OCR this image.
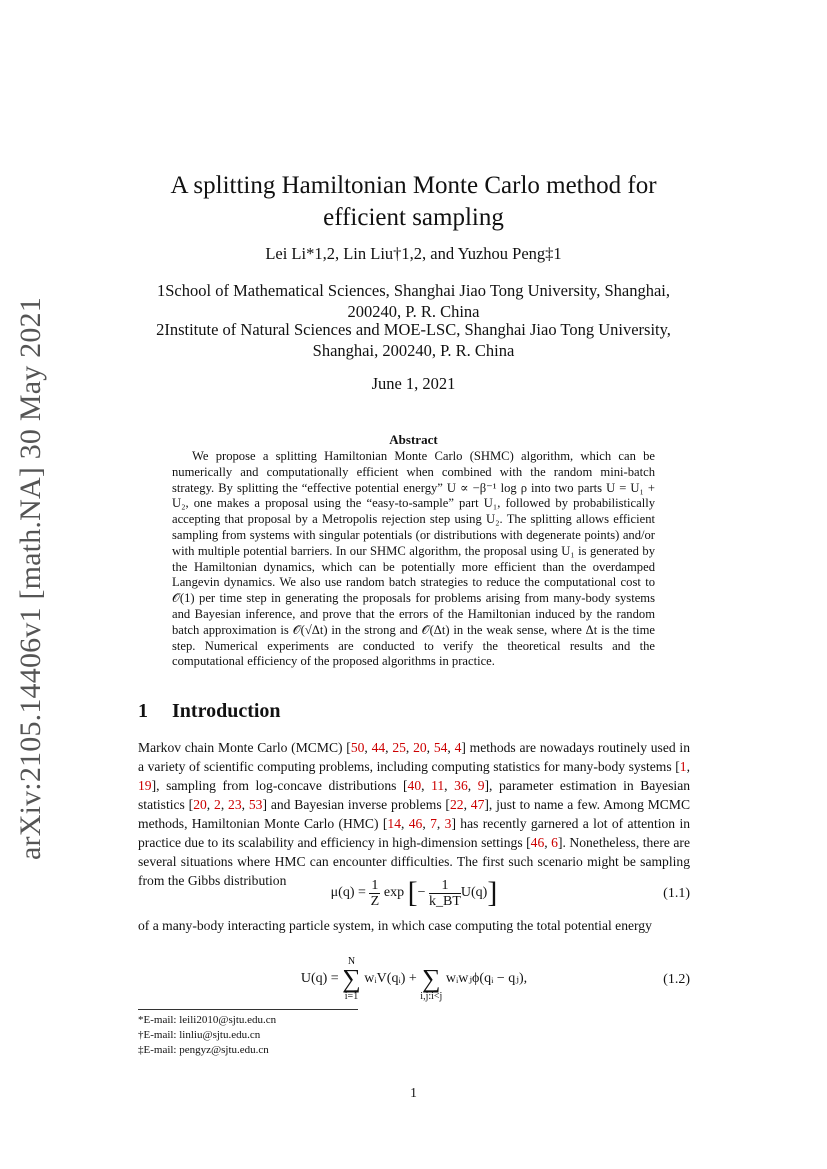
arXiv:2105.14406v1 [math.NA] 30 May 2021
A splitting Hamiltonian Monte Carlo method for efficient sampling
Lei Li*1,2, Lin Liu†1,2, and Yuzhou Peng‡1
1School of Mathematical Sciences, Shanghai Jiao Tong University, Shanghai, 200240, P. R. China
2Institute of Natural Sciences and MOE-LSC, Shanghai Jiao Tong University, Shanghai, 200240, P. R. China
June 1, 2021
Abstract
We propose a splitting Hamiltonian Monte Carlo (SHMC) algorithm, which can be numerically and computationally efficient when combined with the random mini-batch strategy. By splitting the “effective potential energy” U ∝ −β⁻¹ log ρ into two parts U = U₁ + U₂, one makes a proposal using the “easy-to-sample” part U₁, followed by probabilistically accepting that proposal by a Metropolis rejection step using U₂. The splitting allows efficient sampling from systems with singular potentials (or distributions with degenerate points) and/or with multiple potential barriers. In our SHMC algorithm, the proposal using U₁ is generated by the Hamiltonian dynamics, which can be potentially more efficient than the overdamped Langevin dynamics. We also use random batch strategies to reduce the computational cost to 𝒪(1) per time step in generating the proposals for problems arising from many-body systems and Bayesian inference, and prove that the errors of the Hamiltonian induced by the random batch approximation is 𝒪(√Δt) in the strong and 𝒪(Δt) in the weak sense, where Δt is the time step. Numerical experiments are conducted to verify the theoretical results and the computational efficiency of the proposed algorithms in practice.
1 Introduction
Markov chain Monte Carlo (MCMC) [50, 44, 25, 20, 54, 4] methods are nowadays routinely used in a variety of scientific computing problems, including computing statistics for many-body systems [1, 19], sampling from log-concave distributions [40, 11, 36, 9], parameter estimation in Bayesian statistics [20, 2, 23, 53] and Bayesian inverse problems [22, 47], just to name a few. Among MCMC methods, Hamiltonian Monte Carlo (HMC) [14, 46, 7, 3] has recently garnered a lot of attention in practice due to its scalability and efficiency in high-dimension settings [46, 6]. Nonetheless, there are several situations where HMC can encounter difficulties. The first such scenario might be sampling from the Gibbs distribution
$\mu(q) = \frac{1}{Z}$ exp [− $\frac{1}{k\_BT} U(q)$]	(1.1)
of a many-body interacting particle system, in which case computing the total potential energy
U(q) =
N
∑
i=1
wᵢV(qᵢ) +
∑
i,j:i<j
wᵢwⱼϕ(qᵢ − qⱼ),	(1.2)
*E-mail: leili2010@sjtu.edu.cn
†E-mail: linliu@sjtu.edu.cn
‡E-mail: pengyz@sjtu.edu.cn
1
